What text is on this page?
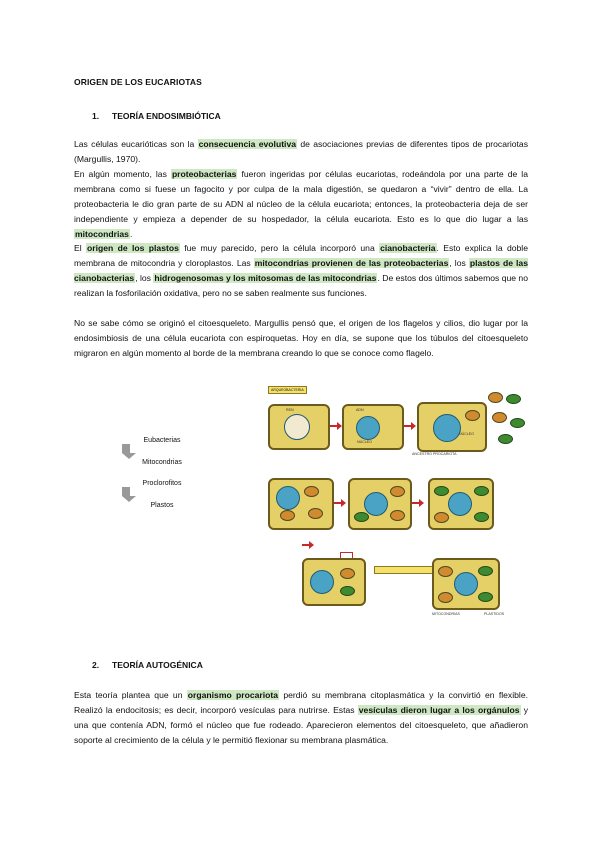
ORIGEN DE LOS EUCARIOTAS
1. TEORÍA ENDOSIMBIÓTICA
Las células eucarióticas son la consecuencia evolutiva de asociaciones previas de diferentes tipos de procariotas (Margullis, 1970).
En algún momento, las proteobacterias fueron ingeridas por células eucariotas, rodeándola por una parte de la membrana como si fuese un fagocito y por culpa de la mala digestión, se quedaron a “vivir” dentro de ella. La proteobacteria le dio gran parte de su ADN al núcleo de la célula eucariota; entonces, la proteobacteria deja de ser independiente y empieza a depender de su hospedador, la célula eucariota. Esto es lo que dio lugar a las mitocondrias.
El origen de los plastos fue muy parecido, pero la célula incorporó una cianobacteria. Esto explica la doble membrana de mitocondria y cloroplastos. Las mitocondrias provienen de las proteobacterias, los plastos de las cianobacterias, los hidrogenosomas y los mitosomas de las mitocondrias. De estos dos últimos sabemos que no realizan la fosforilación oxidativa, pero no se saben realmente sus funciones.
No se sabe cómo se originó el citoesqueleto. Margullis pensó que, el origen de los flagelos y cilios, dio lugar por la endosimbiosis de una célula eucariota con espiroquetas. Hoy en día, se supone que los túbulos del citoesqueleto migraron en algún momento al borde de la membrana creando lo que se conoce como flagelo.
Eubacterias
Mitocondrias
Proclorofitos
Plastos
ARQUEOBACTERIA
REN
NÚCLEO
ADN
NÚCLEO
ANCESTRO PROCARIOTA

MITOCONDRIAS	PLASTIDOS
2. TEORÍA AUTOGÉNICA
Esta teoría plantea que un organismo procariota perdió su membrana citoplasmática y la convirtió en flexible. Realizó la endocitosis; es decir, incorporó vesículas para nutrirse. Estas vesículas dieron lugar a los orgánulos y una que contenía ADN, formó el núcleo que fue rodeado. Aparecieron elementos del citoesqueleto, que añadieron soporte al crecimiento de la célula y le permitió flexionar su membrana plasmática.
